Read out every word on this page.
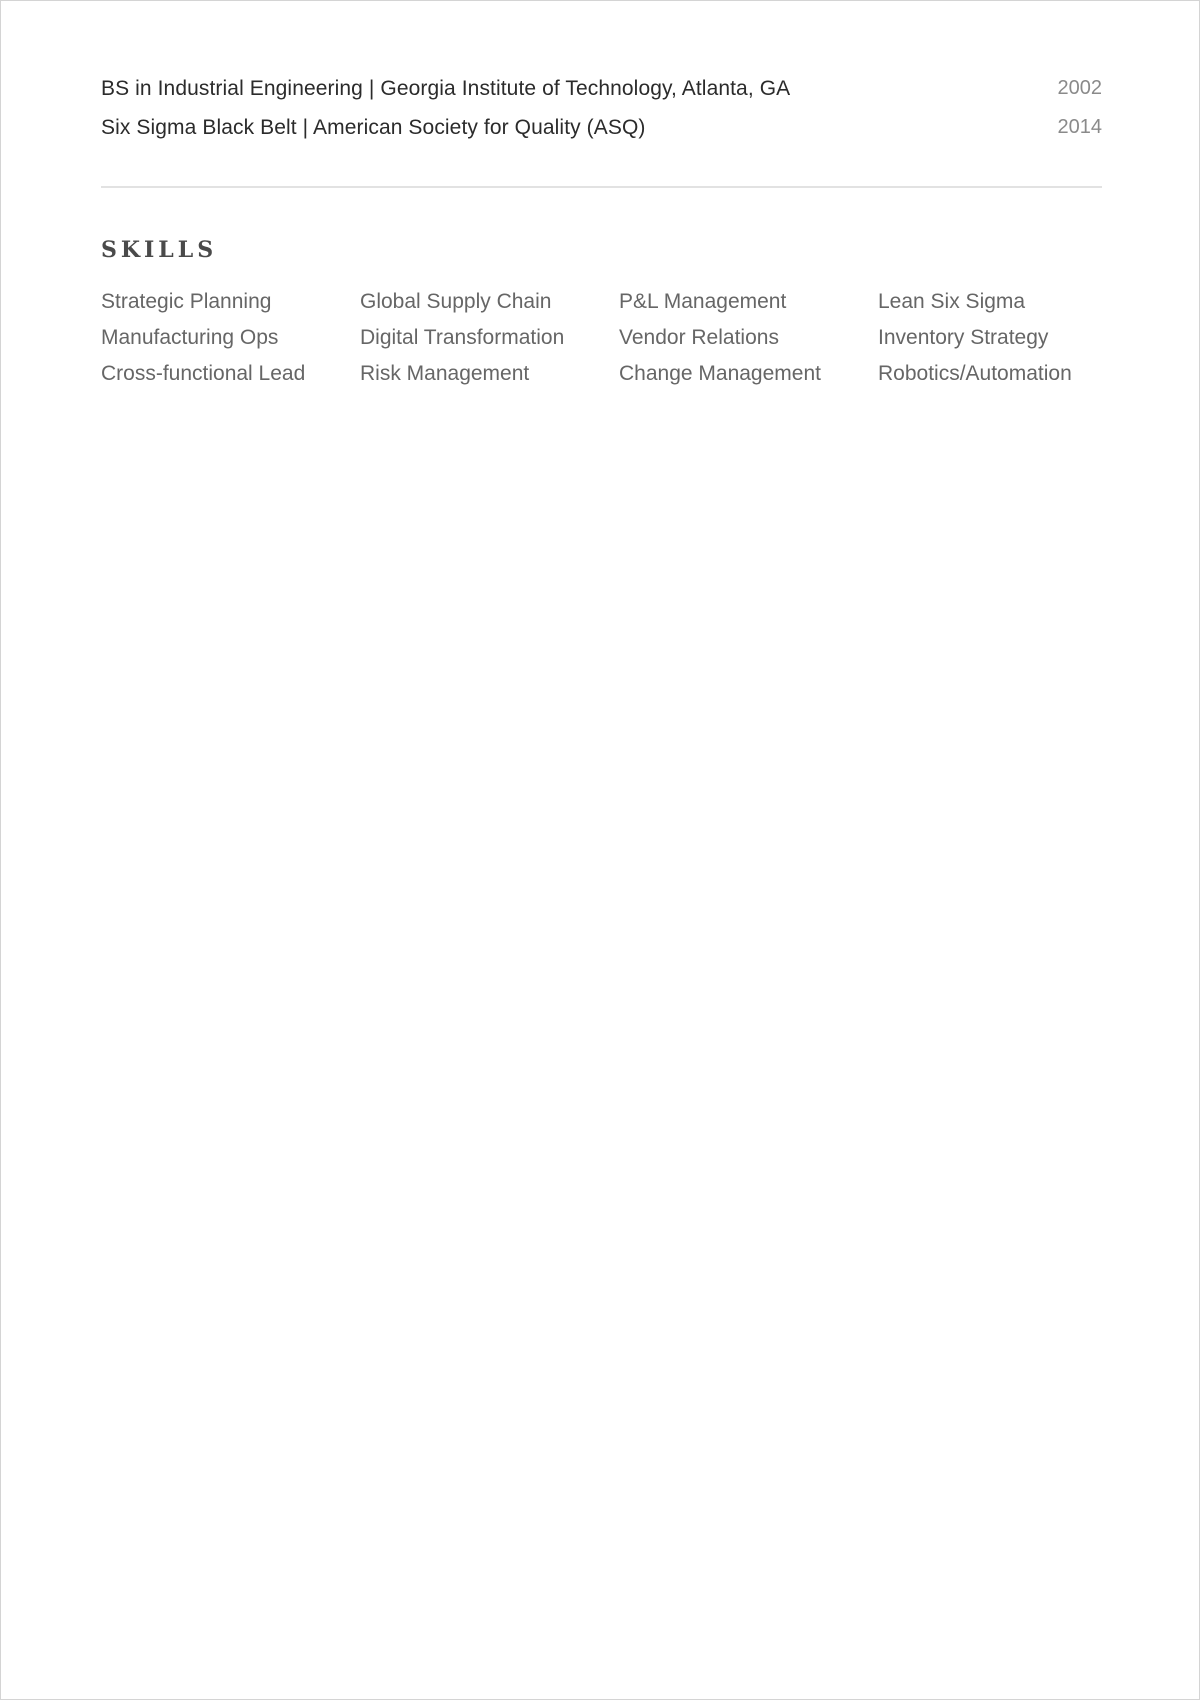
BS in Industrial Engineering | Georgia Institute of Technology, Atlanta, GA	2002
Six Sigma Black Belt | American Society for Quality (ASQ)	2014
SKILLS
Strategic Planning	Global Supply Chain	P&L Management	Lean Six Sigma
Manufacturing Ops	Digital Transformation	Vendor Relations	Inventory Strategy
Cross-functional Lead	Risk Management	Change Management	Robotics/Automation
